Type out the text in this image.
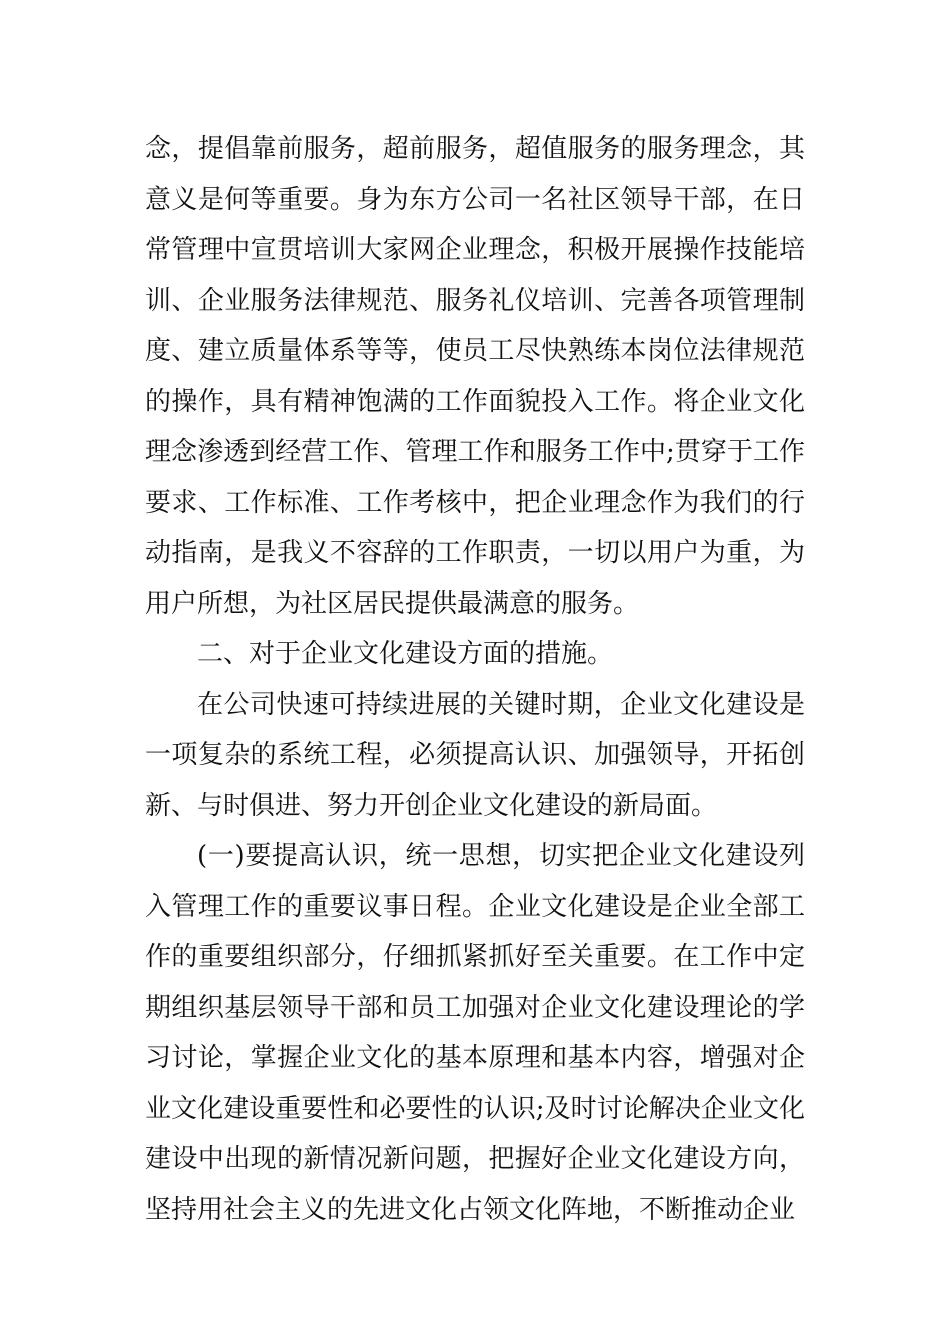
念，提倡靠前服务，超前服务，超值服务的服务理念，其意义是何等重要。身为东方公司一名社区领导干部，在日常管理中宣贯培训大家网企业理念，积极开展操作技能培训、企业服务法律规范、服务礼仪培训、完善各项管理制度、建立质量体系等等，使员工尽快熟练本岗位法律规范的操作，具有精神饱满的工作面貌投入工作。将企业文化理念渗透到经营工作、管理工作和服务工作中;贯穿于工作要求、工作标准、工作考核中，把企业理念作为我们的行动指南，是我义不容辞的工作职责，一切以用户为重，为用户所想，为社区居民提供最满意的服务。

二、对于企业文化建设方面的措施。

在公司快速可持续进展的关键时期，企业文化建设是一项复杂的系统工程，必须提高认识、加强领导，开拓创新、与时俱进、努力开创企业文化建设的新局面。

(一)要提高认识，统一思想，切实把企业文化建设列入管理工作的重要议事日程。企业文化建设是企业全部工作的重要组织部分，仔细抓紧抓好至关重要。在工作中定期组织基层领导干部和员工加强对企业文化建设理论的学习讨论，掌握企业文化的基本原理和基本内容，增强对企业文化建设重要性和必要性的认识;及时讨论解决企业文化建设中出现的新情况新问题，把握好企业文化建设方向，坚持用社会主义的先进文化占领文化阵地，不断推动企业
